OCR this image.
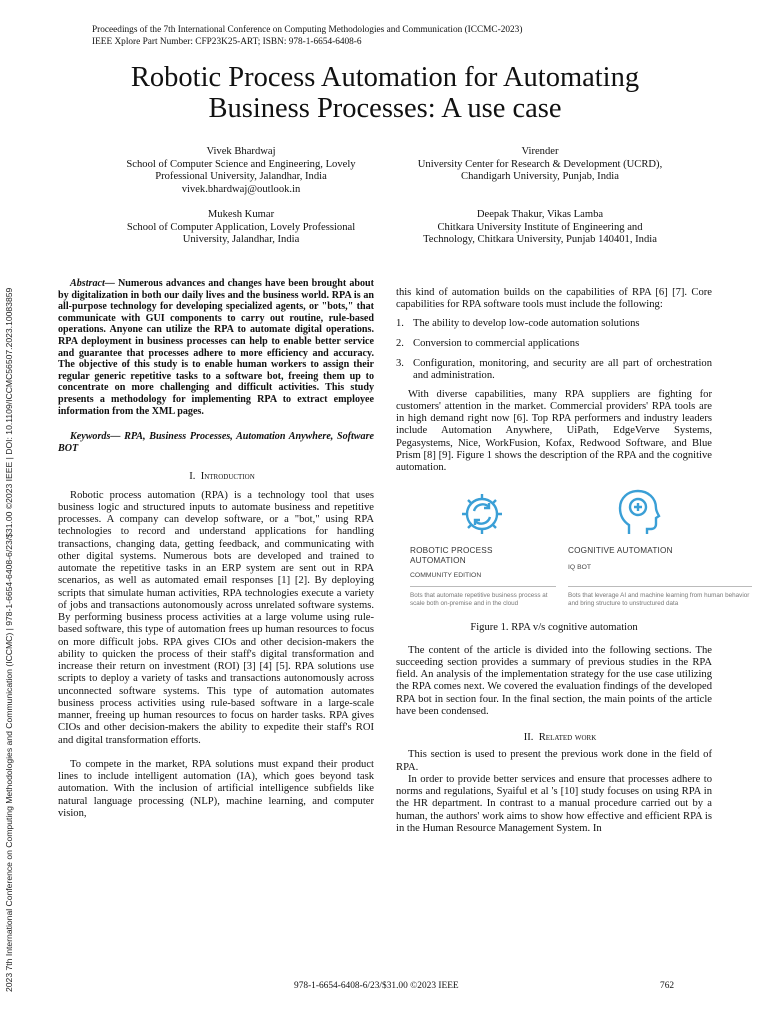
Proceedings of the 7th International Conference on Computing Methodologies and Communication (ICCMC-2023)
IEEE Xplore Part Number: CFP23K25-ART; ISBN: 978-1-6654-6408-6
2023 7th International Conference on Computing Methodologies and Communication (ICCMC) | 978-1-6654-6408-6/23/$31.00 ©2023 IEEE | DOI: 10.1109/ICCMC56507.2023.10083859
Robotic Process Automation for Automating
Business Processes: A use case
Vivek Bhardwaj
School of Computer Science and Engineering, Lovely
Professional University, Jalandhar, India
vivek.bhardwaj@outlook.in
Virender
University Center for Research & Development (UCRD),
Chandigarh University, Punjab, India
Mukesh Kumar
School of Computer Application, Lovely Professional
University, Jalandhar, India
Deepak Thakur, Vikas Lamba
Chitkara University Institute of Engineering and
Technology, Chitkara University, Punjab 140401, India

Abstract— Numerous advances and changes have been brought about by digitalization in both our daily lives and the business world. RPA is an all-purpose technology for developing specialized agents, or "bots," that communicate with GUI components to carry out routine, rule-based operations. Anyone can utilize the RPA to automate digital operations. RPA deployment in business processes can help to enable better service and guarantee that processes adhere to more efficiency and accuracy. The objective of this study is to enable human workers to assign their regular generic repetitive tasks to a software bot, freeing them up to concentrate on more challenging and difficult activities. This study presents a methodology for implementing RPA to extract employee information from the XML pages.

Keywords— RPA, Business Processes, Automation Anywhere, Software BOT

I. Introduction

Robotic process automation (RPA) is a technology tool that uses business logic and structured inputs to automate business and repetitive processes. A company can develop software, or a "bot," using RPA technologies to record and understand applications for handling transactions, changing data, getting feedback, and communicating with other digital systems. Numerous bots are developed and trained to automate the repetitive tasks in an ERP system are sent out in RPA scenarios, as well as automated email responses [1] [2]. By deploying scripts that simulate human activities, RPA technologies execute a variety of jobs and transactions autonomously across unrelated software systems. By performing business process activities at a large volume using rule-based software, this type of automation frees up human resources to focus on more difficult jobs. RPA gives CIOs and other decision-makers the ability to quicken the process of their staff's digital transformation and increase their return on investment (ROI) [3] [4] [5]. RPA solutions use scripts to deploy a variety of tasks and transactions autonomously across unconnected software systems. This type of automation automates business process activities using rule-based software in a large-scale manner, freeing up human resources to focus on harder tasks. RPA gives CIOs and other decision-makers the ability to expedite their staff's ROI and digital transformation efforts.

To compete in the market, RPA solutions must expand their product lines to include intelligent automation (IA), which goes beyond task automation. With the inclusion of artificial intelligence subfields like natural language processing (NLP), machine learning, and computer vision,

this kind of automation builds on the capabilities of RPA [6] [7]. Core capabilities for RPA software tools must include the following:

1. The ability to develop low-code automation solutions
2. Conversion to commercial applications
3. Configuration, monitoring, and security are all part of orchestration and administration.

With diverse capabilities, many RPA suppliers are fighting for customers' attention in the market. Commercial providers' RPA tools are in high demand right now [6]. Top RPA performers and industry leaders include Automation Anywhere, UiPath, EdgeVerve Systems, Pegasystems, Nice, WorkFusion, Kofax, Redwood Software, and Blue Prism [8] [9]. Figure 1 shows the description of the RPA and the cognitive automation.

ROBOTIC PROCESS
AUTOMATION
COMMUNITY EDITION
Bots that automate repetitive business process at scale both on-premise and in the cloud
COGNITIVE AUTOMATION
IQ BOT
Bots that leverage AI and machine learning from human behavior and bring structure to unstructured data
Figure 1. RPA v/s cognitive automation

The content of the article is divided into the following sections. The succeeding section provides a summary of previous studies in the RPA field. An analysis of the implementation strategy for the use case utilizing the RPA comes next. We covered the evaluation findings of the developed RPA bot in section four. In the final section, the main points of the article have been condensed.

II. Related work

This section is used to present the previous work done in the field of RPA.

In order to provide better services and ensure that processes adhere to norms and regulations, Syaiful et al 's [10] study focuses on using RPA in the HR department. In contrast to a manual procedure carried out by a human, the authors' work aims to show how effective and efficient RPA is in the Human Resource Management System. In

978-1-6654-6408-6/23/$31.00 ©2023 IEEE	762
